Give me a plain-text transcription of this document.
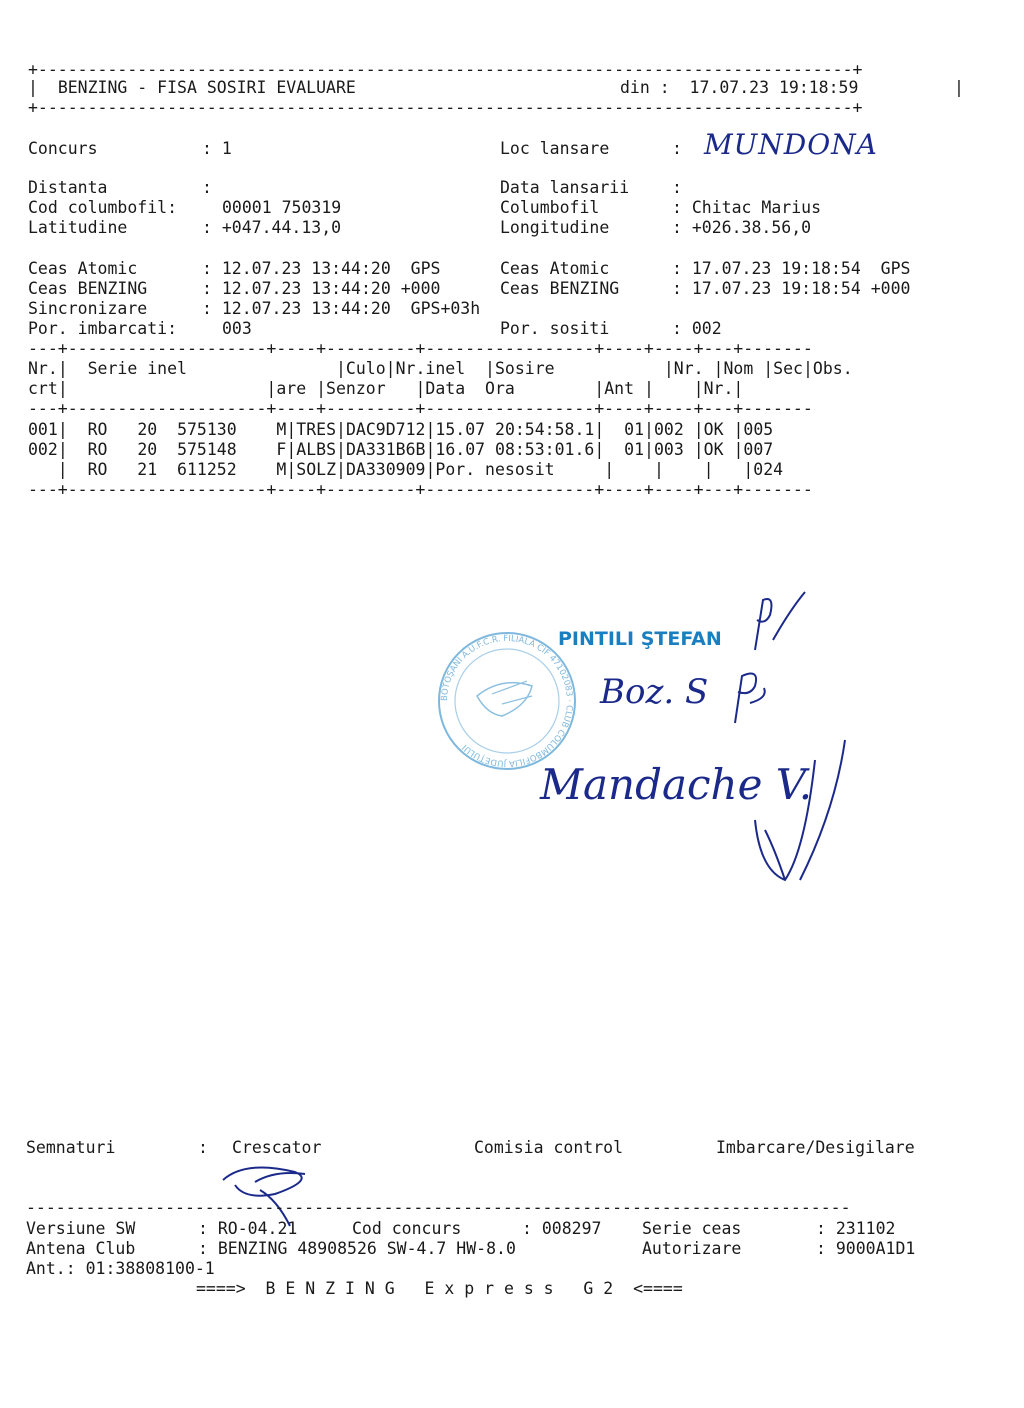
+----------------------------------------------------------------------------------+
|  BENZING - FISA SOSIRI EVALUARE	din : 17.07.23 19:18:59	|
+----------------------------------------------------------------------------------+
Concurs	: 1	Loc lansare	: MUNDONA
Distanta	:	Data lansarii	:
Cod columbofil:	00001 750319	Columbofil	: Chitac Marius
Latitudine	: +047.44.13,0	Longitudine	: +026.38.56,0
Ceas Atomic	: 12.07.23 13:44:20 GPS	Ceas Atomic	: 17.07.23 19:18:54 GPS
Ceas BENZING	: 12.07.23 13:44:20 +000	Ceas BENZING	: 17.07.23 19:18:54 +000
Sincronizare	: 12.07.23 13:44:20 GPS+03h
Por. imbarcati:	003	Por. sositi	: 002
---+--------------------+----+---------+-----------------+----+----+---+-------
Nr.|  Serie inel               |Culo|Nr.inel  |Sosire           |Nr. |Nom |Sec|Obs.
crt|                    |are |Senzor   |Data  Ora        |Ant |    |Nr.|
---+--------------------+----+---------+-----------------+----+----+---+-------
001|  RO 20 575130 M|TRES|DAC9D712|15.07 20:54:58.1|  01|002 |OK |005
002|  RO 20 575148 F|ALBS|DA331B6B|16.07 08:53:01.6|  01|003 |OK |007
|  RO 21 611252 M|SOLZ|DA330909|Por. nesosit     |    |    |   |024
---+--------------------+----+---------+-----------------+----+----+---+-------
BOTOŞANI A.U.F.C.R. FILIALA CIF 47102083 · CLUB COLUMBOFILIA JUDEȚULUI
PINTILI ŞTEFAN
Boz. S
Mandache V.
Semnaturi	: Crescator	Comisia control	Imbarcare/Desigilare
-----------------------------------------------------------------------------------
Versiune SW	: RO-04.21	Cod concurs	: 008297 Serie ceas	: 231102
Antena Club	: BENZING 48908526 SW-4.7 HW-8.0	Autorizare	: 9000A1D1
Ant.: 01:38808100-1
====>  B E N Z I N G   E x p r e s s   G 2  <====
